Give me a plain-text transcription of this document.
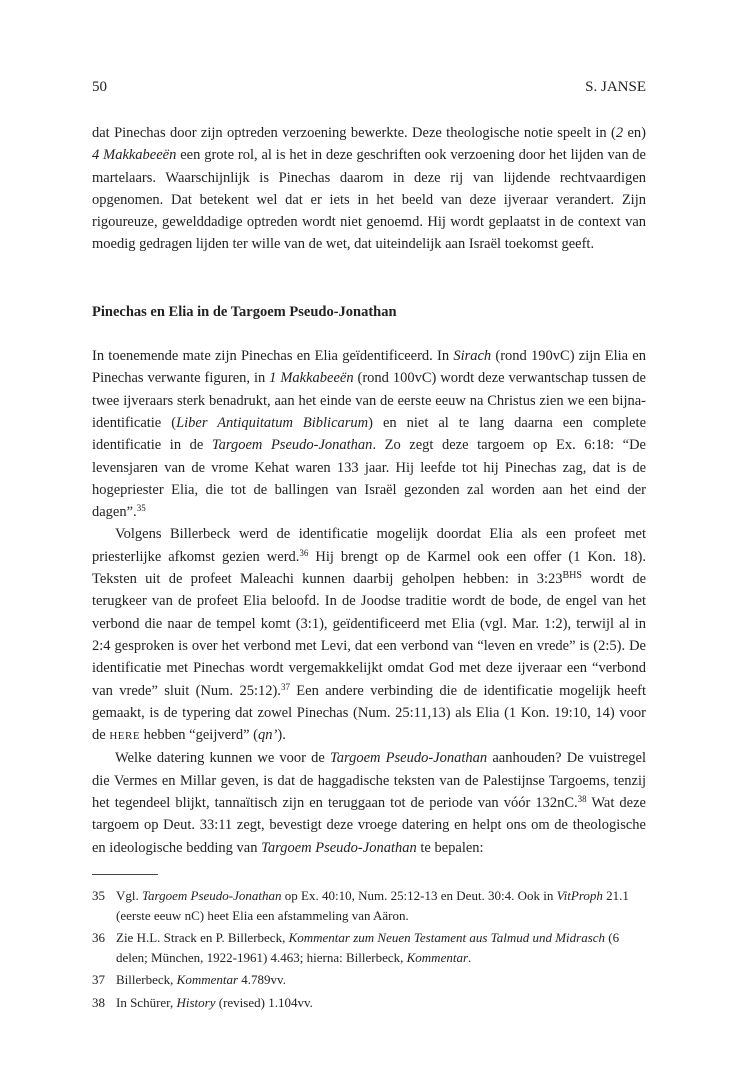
50	S. JANSE

dat Pinechas door zijn optreden verzoening bewerkte. Deze theologische notie speelt in (2 en) 4 Makkabeeën een grote rol, al is het in deze geschriften ook verzoening door het lijden van de martelaars. Waarschijnlijk is Pinechas daarom in deze rij van lijdende rechtvaardigen opgenomen. Dat betekent wel dat er iets in het beeld van deze ijveraar verandert. Zijn rigoureuze, gewelddadige optreden wordt niet genoemd. Hij wordt geplaatst in de context van moedig gedragen lijden ter wille van de wet, dat uiteindelijk aan Israël toekomst geeft.

Pinechas en Elia in de Targoem Pseudo-Jonathan

In toenemende mate zijn Pinechas en Elia geïdentificeerd. In Sirach (rond 190vC) zijn Elia en Pinechas verwante figuren, in 1 Makkabeeën (rond 100vC) wordt deze verwantschap tussen de twee ijveraars sterk benadrukt, aan het einde van de eerste eeuw na Christus zien we een bijna-identificatie (Liber Antiquitatum Biblicarum) en niet al te lang daarna een complete identificatie in de Targoem Pseudo-Jonathan. Zo zegt deze targoem op Ex. 6:18: “De levensjaren van de vrome Kehat waren 133 jaar. Hij leefde tot hij Pinechas zag, dat is de hogepriester Elia, die tot de ballingen van Israël gezonden zal worden aan het eind der dagen”.$^{35}$

Volgens Billerbeck werd de identificatie mogelijk doordat Elia als een profeet met priesterlijke afkomst gezien werd.$^{36}$ Hij brengt op de Karmel ook een offer (1 Kon. 18). Teksten uit de profeet Maleachi kunnen daarbij geholpen hebben: in $3:23^{BHS}$ wordt de terugkeer van de profeet Elia beloofd. In de Joodse traditie wordt de bode, de engel van het verbond die naar de tempel komt (3:1), geïdentificeerd met Elia (vgl. Mar. 1:2), terwijl al in 2:4 gesproken is over het verbond met Levi, dat een verbond van “leven en vrede” is (2:5). De identificatie met Pinechas wordt vergemakkelijkt omdat God met deze ijveraar een “verbond van vrede” sluit (Num. 25:12).$^{37}$ Een andere verbinding die de identificatie mogelijk heeft gemaakt, is de typering dat zowel Pinechas (Num. 25:11,13) als Elia (1 Kon. 19:10, 14) voor de HERE hebben “geijverd” (qn’).

Welke datering kunnen we voor de Targoem Pseudo-Jonathan aanhouden? De vuistregel die Vermes en Millar geven, is dat de haggadische teksten van de Palestijnse Targoems, tenzij het tegendeel blijkt, tannaïtisch zijn en teruggaan tot de periode van vóór 132nC.$^{38}$ Wat deze targoem op Deut. 33:11 zegt, bevestigt deze vroege datering en helpt ons om de theologische en ideologische bedding van Targoem Pseudo-Jonathan te bepalen:

35 Vgl. Targoem Pseudo-Jonathan op Ex. 40:10, Num. 25:12-13 en Deut. 30:4. Ook in VitProph 21.1 (eerste eeuw nC) heet Elia een afstammeling van Aäron.
36 Zie H.L. Strack en P. Billerbeck, Kommentar zum Neuen Testament aus Talmud und Midrasch (6 delen; München, 1922-1961) 4.463; hierna: Billerbeck, Kommentar.
37 Billerbeck, Kommentar 4.789vv.
38 In Schürer, History (revised) 1.104vv.
